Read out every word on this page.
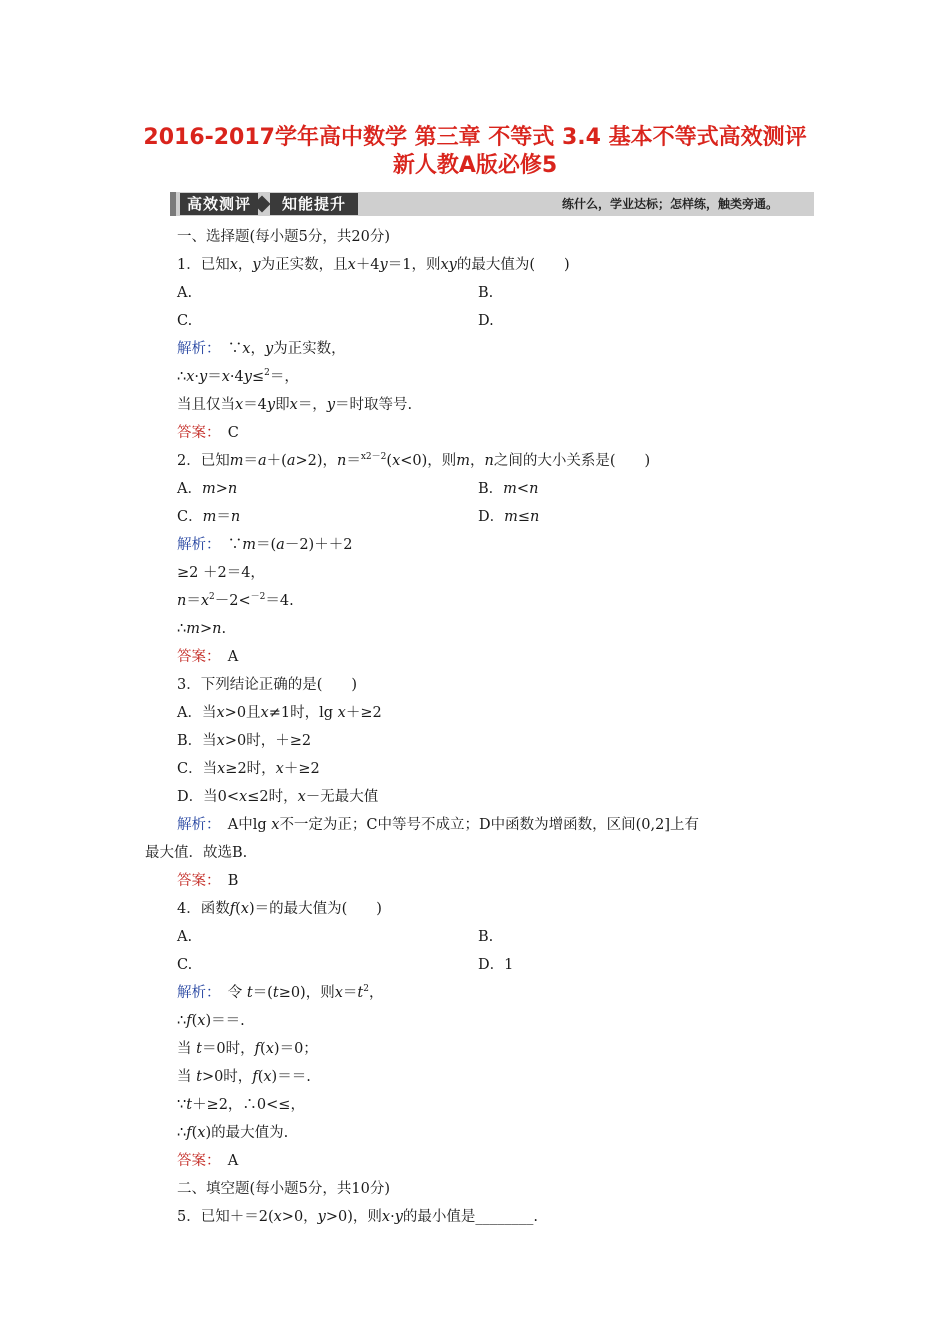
2016-2017学年高中数学 第三章 不等式 3.4 基本不等式高效测评
新人教A版必修5
高效测评	知能提升	练什么，学业达标；怎样练，触类旁通。
一、选择题(每小题5分，共20分)
1．已知x，y为正实数，且x＋4y＝1，则xy的最大值为(　　)
A.	B.
C.	D.
解析：　 ∵x，y为正实数，
∴x·y＝x·4y≤$^2$＝，
当且仅当x＝4y即x＝，y＝时取等号.
答案：　 C
2．已知m＝a＋(a>2)，n＝$^{x2-2}$(x<0)，则m，n之间的大小关系是(　　)
A．m>n	B．m<n
C．m＝n	D．m≤n
解析：　 ∵m＝(a－2)＋＋2
≥2 ＋2＝4，
$n=x^2-2<^{-2}=4$.
∴m>n.
答案：　 A
3．下列结论正确的是(　　)
A．当x>0且x≠1时，lg x＋≥2
B．当x>0时，＋≥2
C．当x≥2时，x＋≥2
D．当0<x≤2时，x－无最大值
解析：　 A中lg x不一定为正；C中等号不成立；D中函数为增函数，区间(0,2]上有
最大值．故选B.
答案：　 B
4．函数f(x)＝的最大值为(　　)
A.	B.
C.	D．1
解析：　 令 t＝(t≥0)，则$x=t^2$，
∴f(x)＝＝.
当 t＝0时，f(x)＝0；
当 t>0时，f(x)＝＝.
∵t＋≥2，∴0<≤，
∴f(x)的最大值为.
答案：　 A
二、填空题(每小题5分，共10分)
5．已知＋＝2(x>0，y>0)，则x·y的最小值是________.
